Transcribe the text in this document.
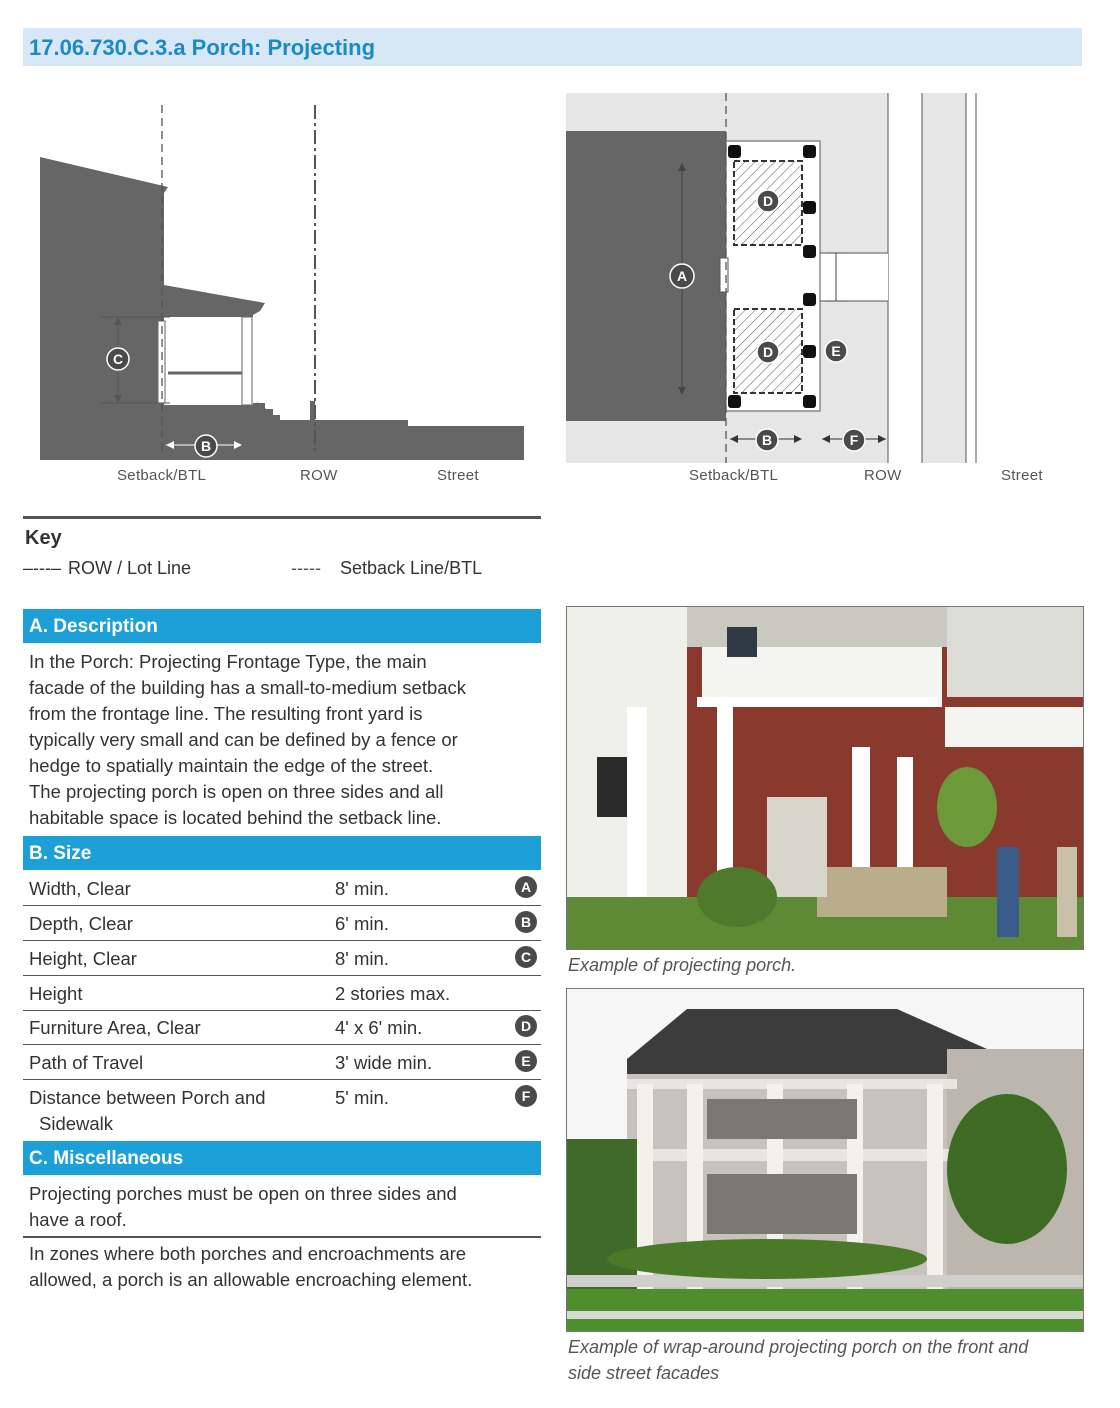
17.06.730.C.3.a Porch: Projecting
C
B
Setback/BTL	ROW	Street
A
D
D	E
B	F
Setback/BTL	ROW	Street
Key
–---– ROW / Lot Line	----- Setback Line/BTL
A. Description
In the Porch: Projecting Frontage Type, the main
facade of the building has a small-to-medium setback
from the frontage line. The resulting front yard is
typically very small and can be defined by a fence or
hedge to spatially maintain the edge of the street.
The projecting porch is open on three sides and all
habitable space is located behind the setback line.
B. Size
Width, Clear	8' min.	A
Depth, Clear	6' min.	B
Height, Clear	8' min.	C
Height	2 stories max.
Furniture Area, Clear	4' x 6' min.	D
Path of Travel	3' wide min.	E
Distance between Porch and
Sidewalk
5' min.	F
C. Miscellaneous
Projecting porches must be open on three sides and
have a roof.
In zones where both porches and encroachments are
allowed, a porch is an allowable encroaching element.
Example of projecting porch.
Example of wrap-around projecting porch on the front and
side street facades
